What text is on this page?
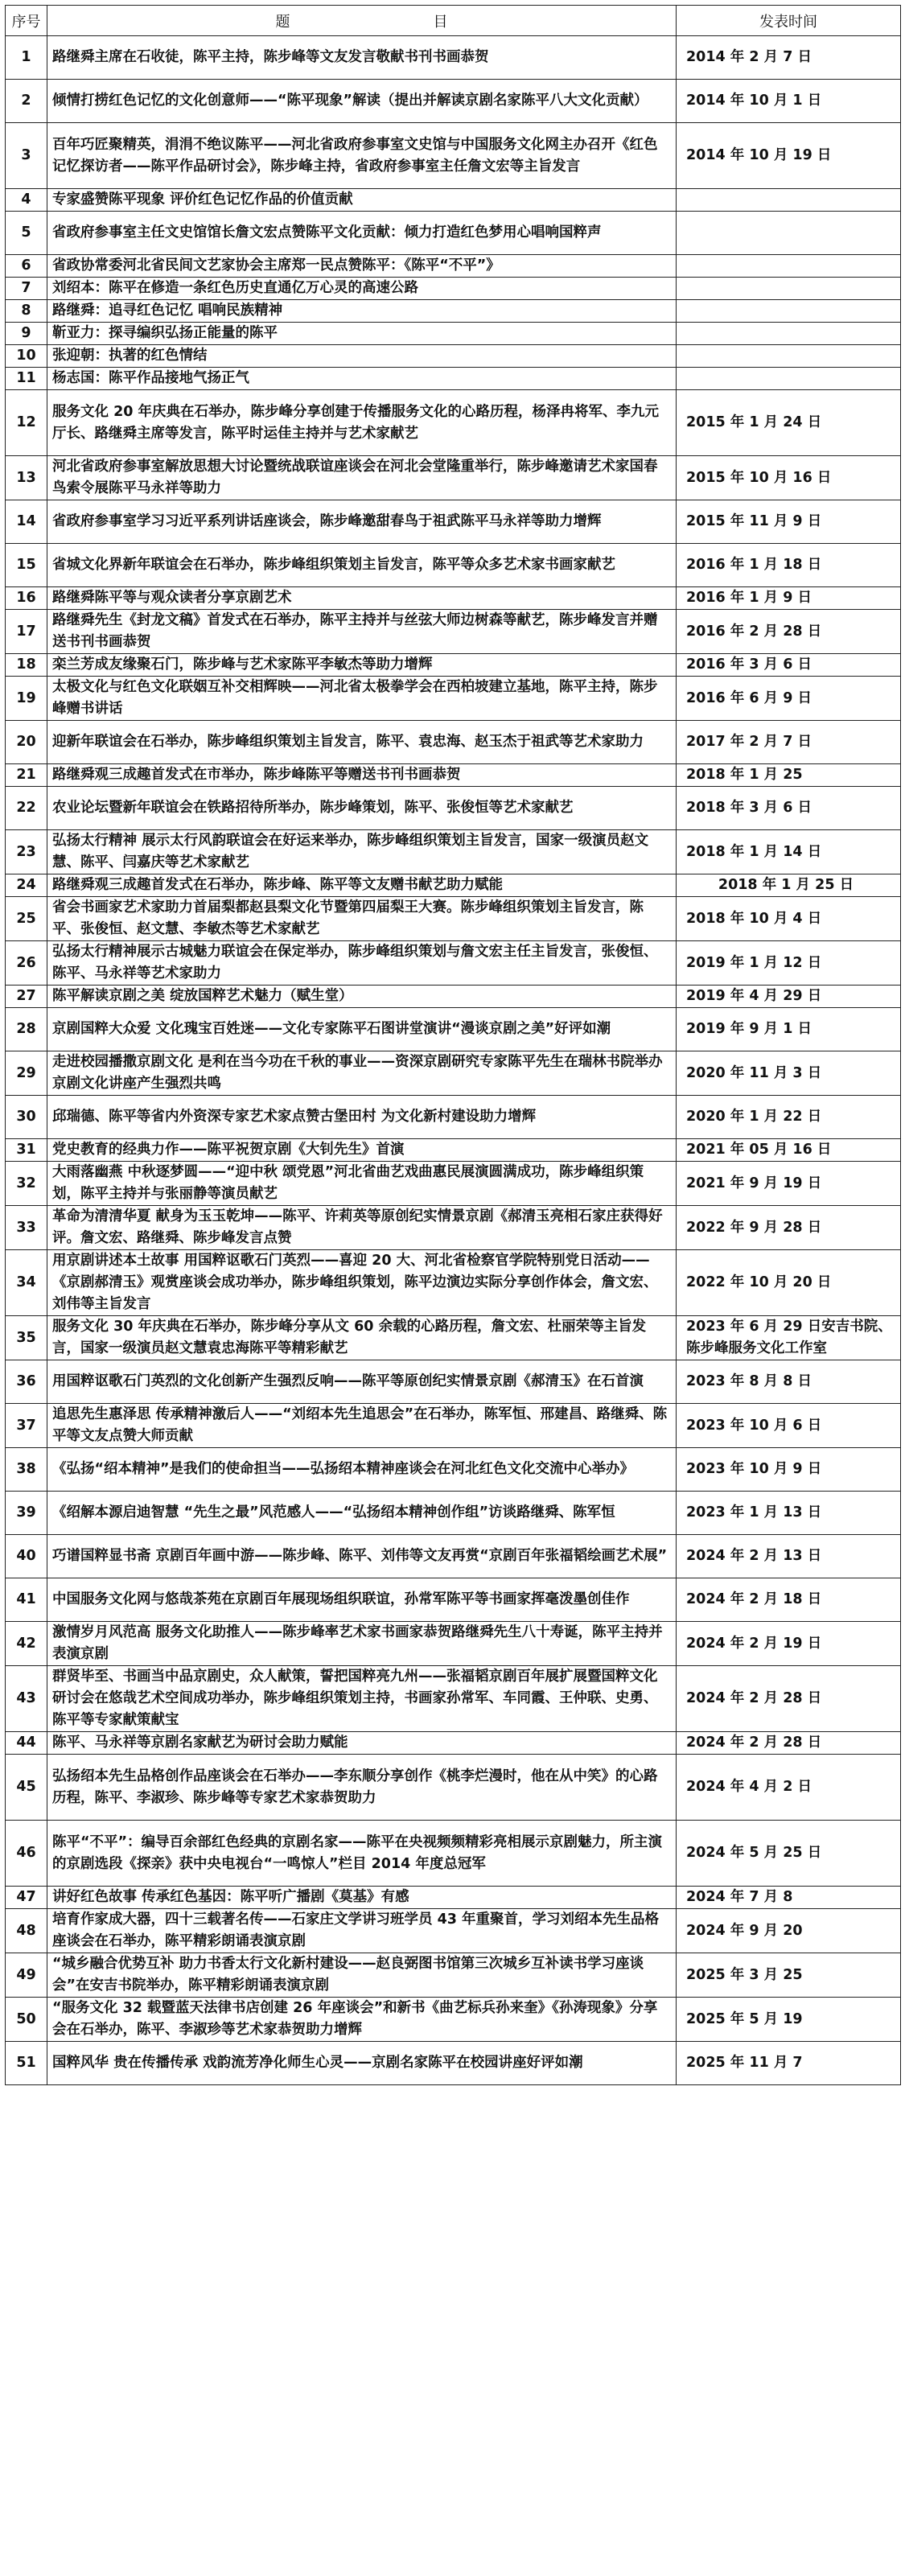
序号	题　目	发表时间
1	路继舜主席在石收徒，陈平主持，陈步峰等文友发言敬献书刊书画恭贺	2014 年 2 月 7 日
2	倾情打捞红色记忆的文化创意师——“陈平现象”解读（提出并解读京剧名家陈平八大文化贡献）	2014 年 10 月 1 日
3	百年巧匠聚精英，涓涓不绝议陈平——河北省政府参事室文史馆与中国服务文化网主办召开《红色记忆探访者——陈平作品研讨会》，陈步峰主持，省政府参事室主任詹文宏等主旨发言	2014 年 10 月 19 日
4	专家盛赞陈平现象 评价红色记忆作品的价值贡献	
5	省政府参事室主任文史馆馆长詹文宏点赞陈平文化贡献：倾力打造红色梦用心唱响国粹声	
6	省政协常委河北省民间文艺家协会主席郑一民点赞陈平：《陈平“不平”》	
7	刘绍本：陈平在修造一条红色历史直通亿万心灵的高速公路	
8	路继舜：追寻红色记忆 唱响民族精神	
9	靳亚力：探寻编织弘扬正能量的陈平	
10	张迎朝：执著的红色情结	
11	杨志国：陈平作品接地气扬正气	
12	服务文化 20 年庆典在石举办，陈步峰分享创建于传播服务文化的心路历程，杨泽冉将军、李九元厅长、路继舜主席等发言，陈平时运佳主持并与艺术家献艺	2015 年 1 月 24 日
13	河北省政府参事室解放思想大讨论暨统战联谊座谈会在河北会堂隆重举行，陈步峰邀请艺术家国春鸟索令展陈平马永祥等助力	2015 年 10 月 16 日
14	省政府参事室学习习近平系列讲话座谈会，陈步峰邀甜春鸟于祖武陈平马永祥等助力增辉	2015 年 11 月 9 日
15	省城文化界新年联谊会在石举办，陈步峰组织策划主旨发言，陈平等众多艺术家书画家献艺	2016 年 1 月 18 日
16	路继舜陈平等与观众读者分享京剧艺术	2016 年 1 月 9 日
17	路继舜先生《封龙文稿》首发式在石举办，陈平主持并与丝弦大师边树森等献艺，陈步峰发言并赠送书刊书画恭贺	2016 年 2 月 28 日
18	栾兰芳成友缘聚石门，陈步峰与艺术家陈平李敏杰等助力增辉	2016 年 3 月 6 日
19	太极文化与红色文化联姻互补交相辉映——河北省太极拳学会在西柏坡建立基地，陈平主持，陈步峰赠书讲话	2016 年 6 月 9 日
20	迎新年联谊会在石举办，陈步峰组织策划主旨发言，陈平、袁忠海、赵玉杰于祖武等艺术家助力	2017 年 2 月 7 日
21	路继舜观三成趣首发式在市举办，陈步峰陈平等赠送书刊书画恭贺	2018 年 1 月 25
22	农业论坛暨新年联谊会在铁路招待所举办，陈步峰策划，陈平、张俊恒等艺术家献艺	2018 年 3 月 6 日
23	弘扬太行精神 展示太行风韵联谊会在好运来举办，陈步峰组织策划主旨发言，国家一级演员赵文慧、陈平、闫嘉庆等艺术家献艺	2018 年 1 月 14 日
24	路继舜观三成趣首发式在石举办，陈步峰、陈平等文友赠书献艺助力赋能	2018 年 1 月 25 日
25	省会书画家艺术家助力首届梨都赵县梨文化节暨第四届梨王大赛。陈步峰组织策划主旨发言，陈平、张俊恒、赵文慧、李敏杰等艺术家献艺	2018 年 10 月 4 日
26	弘扬太行精神展示古城魅力联谊会在保定举办，陈步峰组织策划与詹文宏主任主旨发言，张俊恒、陈平、马永祥等艺术家助力	2019 年 1 月 12 日
27	陈平解读京剧之美 绽放国粹艺术魅力（赋生堂）	2019 年 4 月 29 日
28	京剧国粹大众爱 文化瑰宝百姓迷——文化专家陈平石图讲堂演讲“漫谈京剧之美”好评如潮	2019 年 9 月 1 日
29	走进校园播撒京剧文化 是利在当今功在千秋的事业——资深京剧研究专家陈平先生在瑞林书院举办京剧文化讲座产生强烈共鸣	2020 年 11 月 3 日
30	邱瑞德、陈平等省内外资深专家艺术家点赞古堡田村 为文化新村建设助力增辉	2020 年 1 月 22 日
31	党史教育的经典力作——陈平祝贺京剧《大钊先生》首演	2021 年 05 月 16 日
32	大雨落幽燕 中秋逐梦圆——“迎中秋 颂党恩”河北省曲艺戏曲惠民展演圆满成功，陈步峰组织策划，陈平主持并与张丽静等演员献艺	2021 年 9 月 19 日
33	革命为清清华夏 献身为玉玉乾坤——陈平、许莉英等原创纪实情景京剧《郝清玉亮相石家庄获得好评。詹文宏、路继舜、陈步峰发言点赞	2022 年 9 月 28 日
34	用京剧讲述本土故事 用国粹讴歌石门英烈——喜迎 20 大、河北省检察官学院特别党日活动——《京剧郝清玉》观赏座谈会成功举办，陈步峰组织策划，陈平边演边实际分享创作体会，詹文宏、刘伟等主旨发言	2022 年 10 月 20 日
35	服务文化 30 年庆典在石举办，陈步峰分享从文 60 余载的心路历程，詹文宏、杜丽荣等主旨发言，国家一级演员赵文慧袁忠海陈平等精彩献艺	2023 年 6 月 29 日安吉书院、陈步峰服务文化工作室
36	用国粹讴歌石门英烈的文化创新产生强烈反响——陈平等原创纪实情景京剧《郝清玉》在石首演	2023 年 8 月 8 日
37	追思先生惠泽思 传承精神激后人——“刘绍本先生追思会”在石举办，陈军恒、邢建昌、路继舜、陈平等文友点赞大师贡献	2023 年 10 月 6 日
38	《弘扬“绍本精神”是我们的使命担当——弘扬绍本精神座谈会在河北红色文化交流中心举办》	2023 年 10 月 9 日
39	《绍解本源启迪智慧 “先生之最”风范感人——“弘扬绍本精神创作组”访谈路继舜、陈军恒	2023 年 1 月 13 日
40	巧谱国粹显书斋 京剧百年画中游——陈步峰、陈平、刘伟等文友再赏“京剧百年张福韬绘画艺术展”	2024 年 2 月 13 日
41	中国服务文化网与悠哉茶苑在京剧百年展现场组织联谊，孙常军陈平等书画家挥毫泼墨创佳作	2024 年 2 月 18 日
42	激情岁月风范高 服务文化助推人——陈步峰率艺术家书画家恭贺路继舜先生八十寿诞，陈平主持并表演京剧	2024 年 2 月 19 日
43	群贤毕至、书画当中品京剧史，众人献策，誓把国粹亮九州——张福韬京剧百年展扩展暨国粹文化研讨会在悠哉艺术空间成功举办，陈步峰组织策划主持，书画家孙常军、车同霞、王仲联、史勇、陈平等专家献策献宝	2024 年 2 月 28 日
44	陈平、马永祥等京剧名家献艺为研讨会助力赋能	2024 年 2 月 28 日
45	弘扬绍本先生品格创作品座谈会在石举办——李东顺分享创作《桃李烂漫时，他在从中笑》的心路历程，陈平、李淑珍、陈步峰等专家艺术家恭贺助力	2024 年 4 月 2 日
46	陈平“不平”：编导百余部红色经典的京剧名家——陈平在央视频频精彩亮相展示京剧魅力，所主演的京剧选段《探亲》获中央电视台“一鸣惊人”栏目 2014 年度总冠军	2024 年 5 月 25 日
47	讲好红色故事 传承红色基因：陈平听广播剧《莫基》有感	2024 年 7 月 8
48	培育作家成大器，四十三载著名传——石家庄文学讲习班学员 43 年重聚首，学习刘绍本先生品格座谈会在石举办，陈平精彩朗诵表演京剧	2024 年 9 月 20
49	“城乡融合优势互补 助力书香太行文化新村建设——赵良弼图书馆第三次城乡互补读书学习座谈会”在安吉书院举办，陈平精彩朗诵表演京剧	2025 年 3 月 25
50	“服务文化 32 载暨蓝天法律书店创建 26 年座谈会”和新书《曲艺标兵孙来奎》《孙涛现象》分享会在石举办，陈平、李淑珍等艺术家恭贺助力增辉	2025 年 5 月 19
51	国粹风华 贵在传播传承 戏韵流芳净化师生心灵——京剧名家陈平在校园讲座好评如潮	2025 年 11 月 7
